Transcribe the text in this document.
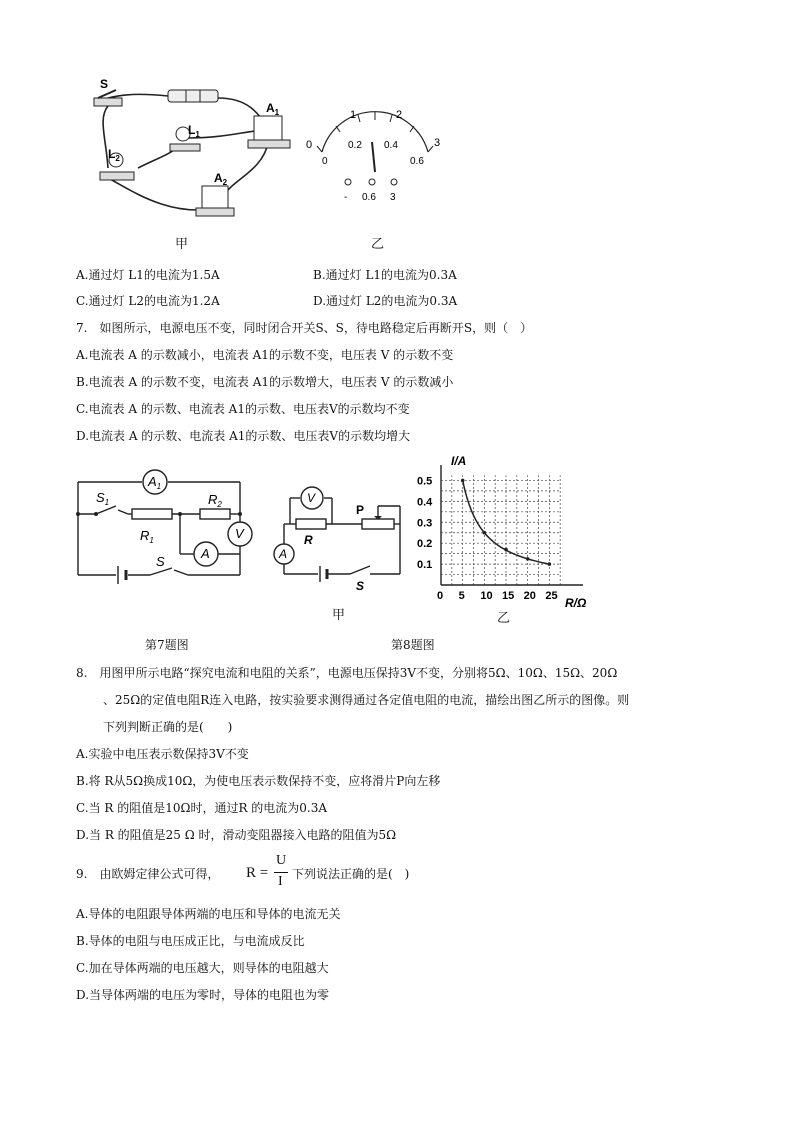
S
$L_1$
$L_2$
$A_1$
$A_2$
0
1	2
3
0
0.2 0.4
0.6
- 0.6 3
甲	乙
A.通过灯 L1的电流为1.5A	B.通过灯 L1的电流为0.3A
C.通过灯 L2的电流为1.2A	D.通过灯 L2的电流为0.3A
7.　如图所示，电源电压不变，同时闭合开关S、S，待电路稳定后再断开S，则（　）
A.电流表 A 的示数减小，电流表 A1的示数不变，电压表 V 的示数不变
B.电流表 A 的示数不变，电流表 A1的示数增大，电压表 V 的示数减小
C.电流表 A 的示数、电流表 A1的示数、电压表V的示数均不变
D.电流表 A 的示数、电流表 A1的示数、电压表V的示数均增大
$A_1$
A
V
$S_1$
$R_1$
$R_2$
S
V
A
R
P
S
甲
0 5 10 15 20 25
0.1
0.2
0.3
0.4
0.5
I/A
R/Ω
乙
第7题图	第8题图
8.　用图甲所示电路“探究电流和电阻的关系”，电源电压保持3V不变，分别将5Ω、10Ω、15Ω、20Ω
、25Ω的定值电阻R连入电路，按实验要求测得通过各定值电阻的电流，描绘出图乙所示的图像。则
下列判断正确的是(　　)
A.实验中电压表示数保持3V不变
B.将 R从5Ω换成10Ω，为使电压表示数保持不变，应将滑片P向左移
C.当 R 的阻值是10Ω时，通过R 的电流为0.3A
D.当 R 的阻值是25 Ω 时，滑动变阻器接入电路的阻值为5Ω
9.　由欧姆定律公式可得， R =
U
I 下列说法正确的是(　)
A.导体的电阻跟导体两端的电压和导体的电流无关
B.导体的电阻与电压成正比，与电流成反比
C.加在导体两端的电压越大，则导体的电阻越大
D.当导体两端的电压为零时，导体的电阻也为零
